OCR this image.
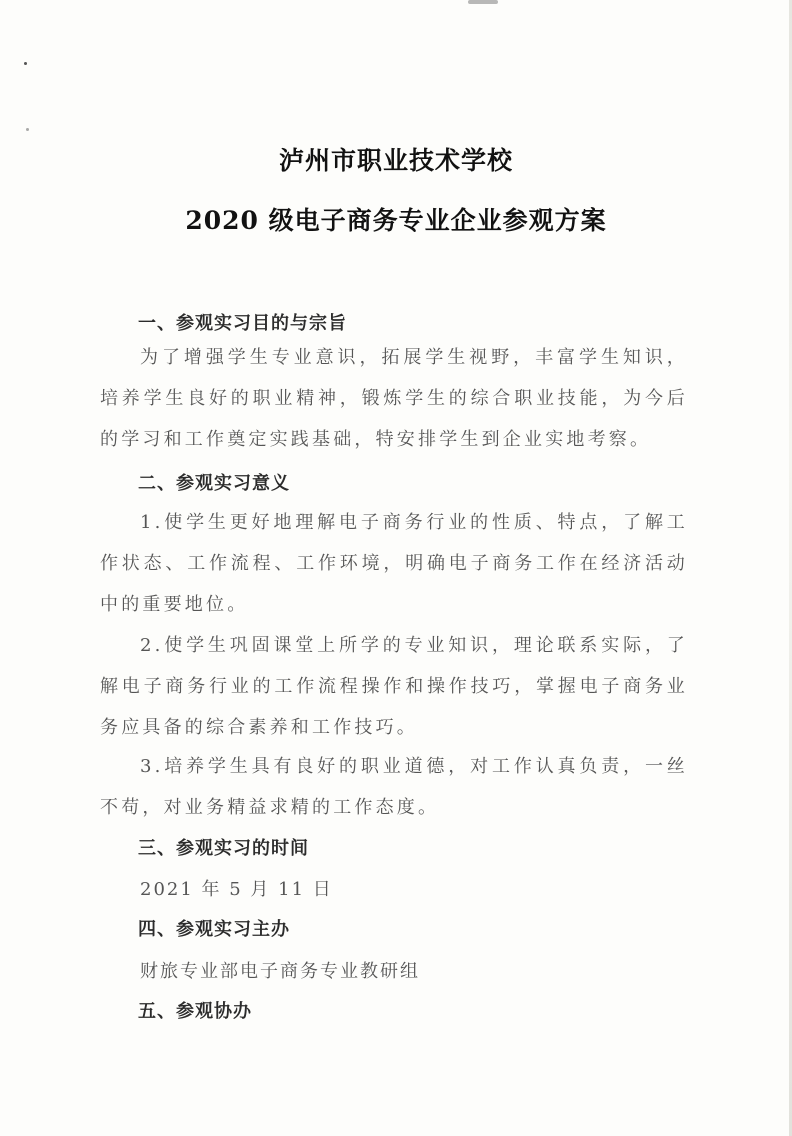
泸州市职业技术学校
2020 级电子商务专业企业参观方案
一、参观实习目的与宗旨
为了增强学生专业意识，拓展学生视野，丰富学生知识，培养学生良好的职业精神，锻炼学生的综合职业技能，为今后的学习和工作奠定实践基础，特安排学生到企业实地考察。
二、参观实习意义
1.使学生更好地理解电子商务行业的性质、特点，了解工作状态、工作流程、工作环境，明确电子商务工作在经济活动中的重要地位。
2.使学生巩固课堂上所学的专业知识，理论联系实际，了解电子商务行业的工作流程操作和操作技巧，掌握电子商务业务应具备的综合素养和工作技巧。
3.培养学生具有良好的职业道德，对工作认真负责，一丝不苟，对业务精益求精的工作态度。
三、参观实习的时间
2021 年 5 月 11 日
四、参观实习主办
财旅专业部电子商务专业教研组
五、参观协办
